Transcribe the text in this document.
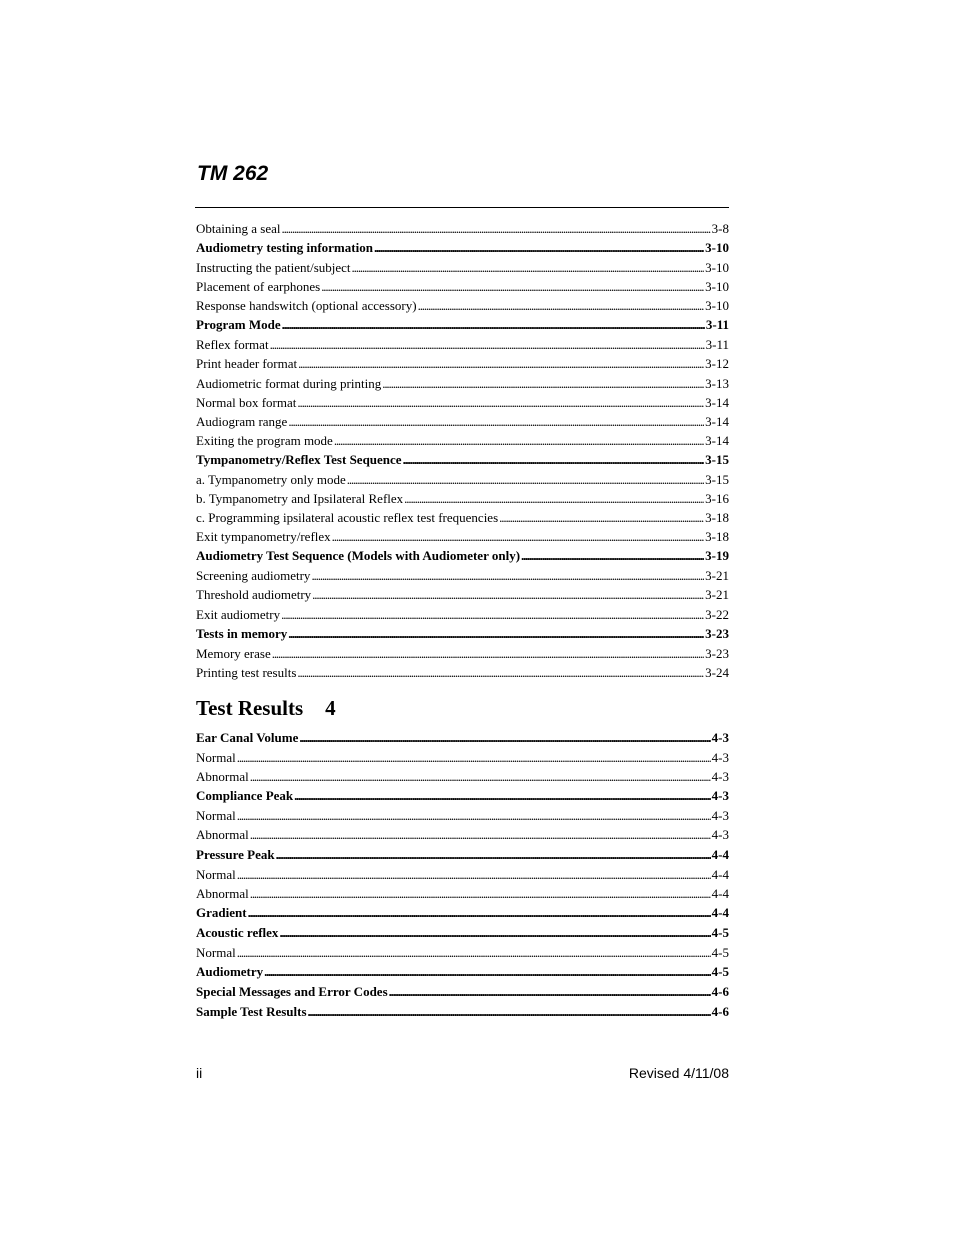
TM 262
Obtaining a seal . . .	3-8
Audiometry testing information . . .	3-10
Instructing the patient/subject . . .	3-10
Placement of earphones . . .	3-10
Response handswitch (optional accessory) . . .	3-10
Program Mode . . .	3-11
Reflex format . . .	3-11
Print header format . . .	3-12
Audiometric format during printing . . .	3-13
Normal box format . . .	3-14
Audiogram range . . .	3-14
Exiting the program mode . . .	3-14
Tympanometry/Reflex Test Sequence . . .	3-15
a. Tympanometry only mode . . .	3-15
b. Tympanometry and Ipsilateral Reflex . . .	3-16
c. Programming ipsilateral acoustic reflex test frequencies . . .	3-18
Exit tympanometry/reflex . . .	3-18
Audiometry Test Sequence (Models with Audiometer only) . . .	3-19
Screening audiometry . . .	3-21
Threshold audiometry . . .	3-21
Exit audiometry . . .	3-22
Tests in memory . . .	3-23
Memory erase . . .	3-23
Printing test results . . .	3-24
Test Results 4
Ear Canal Volume . . .	4-3
Normal . . .	4-3
Abnormal . . .	4-3
Compliance Peak . . .	4-3
Normal . . .	4-3
Abnormal . . .	4-3
Pressure Peak . . .	4-4
Normal . . .	4-4
Abnormal . . .	4-4
Gradient . . .	4-4
Acoustic reflex . . .	4-5
Normal . . .	4-5
Audiometry . . .	4-5
Special Messages and Error Codes . . .	4-6
Sample Test Results . . .	4-6
ii	Revised 4/11/08
